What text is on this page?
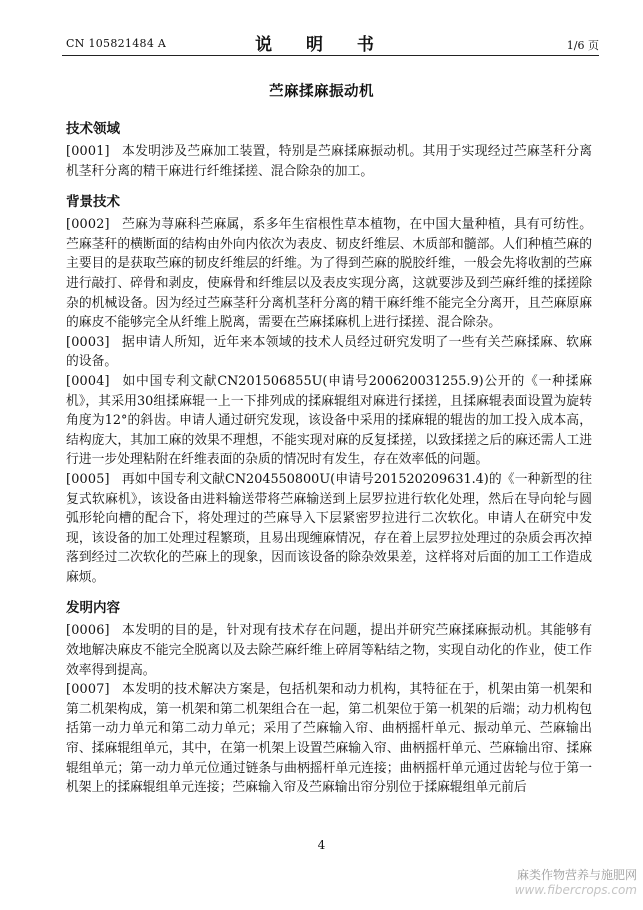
CN 105821484 A	说 明 书	1/6 页
苎麻揉麻振动机
技术领域

[0001] 本发明涉及苎麻加工装置，特别是苎麻揉麻振动机。其用于实现经过苎麻茎秆分离机茎秆分离的精干麻进行纤维揉搓、混合除杂的加工。

背景技术

[0002] 苎麻为荨麻科苎麻属，系多年生宿根性草本植物，在中国大量种植，具有可纺性。苎麻茎秆的横断面的结构由外向内依次为表皮、韧皮纤维层、木质部和髓部。人们种植苎麻的主要目的是获取苎麻的韧皮纤维层的纤维。为了得到苎麻的脱胶纤维，一般会先将收割的苎麻进行敲打、碎骨和剥皮，使麻骨和纤维层以及表皮实现分离，这就要涉及到苎麻纤维的揉搓除杂的机械设备。因为经过苎麻茎秆分离机茎秆分离的精干麻纤维不能完全分离开，且苎麻原麻的麻皮不能够完全从纤维上脱离，需要在苎麻揉麻机上进行揉搓、混合除杂。

[0003] 据申请人所知，近年来本领域的技术人员经过研究发明了一些有关苎麻揉麻、软麻的设备。

[0004] 如中国专利文献CN201506855U(申请号200620031255.9)公开的《一种揉麻机》，其采用30组揉麻辊一上一下排列成的揉麻辊组对麻进行揉搓，且揉麻辊表面设置为旋转角度为12°的斜齿。申请人通过研究发现，该设备中采用的揉麻辊的辊齿的加工投入成本高，结构庞大，其加工麻的效果不理想，不能实现对麻的反复揉搓，以致揉搓之后的麻还需人工进行进一步处理粘附在纤维表面的杂质的情况时有发生，存在效率低的问题。

[0005] 再如中国专利文献CN204550800U(申请号201520209631.4)的《一种新型的往复式软麻机》，该设备由进料输送带将苎麻输送到上层罗拉进行软化处理，然后在导向轮与圆弧形轮向槽的配合下，将处理过的苎麻导入下层紧密罗拉进行二次软化。申请人在研究中发现，该设备的加工处理过程繁琐，且易出现缠麻情况，存在着上层罗拉处理过的杂质会再次掉落到经过二次软化的苎麻上的现象，因而该设备的除杂效果差，这样将对后面的加工工作造成麻烦。

发明内容

[0006] 本发明的目的是，针对现有技术存在问题，提出并研究苎麻揉麻振动机。其能够有效地解决麻皮不能完全脱离以及去除苎麻纤维上碎屑等粘结之物，实现自动化的作业，使工作效率得到提高。

[0007] 本发明的技术解决方案是，包括机架和动力机构，其特征在于，机架由第一机架和第二机架构成，第一机架和第二机架组合在一起，第二机架位于第一机架的后端；动力机构包括第一动力单元和第二动力单元；采用了苎麻输入帘、曲柄摇杆单元、振动单元、苎麻输出帘、揉麻辊组单元，其中，在第一机架上设置苎麻输入帘、曲柄摇杆单元、苎麻输出帘、揉麻辊组单元；第一动力单元位通过链条与曲柄摇杆单元连接；曲柄摇杆单元通过齿轮与位于第一机架上的揉麻辊组单元连接；苎麻输入帘及苎麻输出帘分别位于揉麻辊组单元前后

4
麻类作物营养与施肥网
www.fibercrops.com
